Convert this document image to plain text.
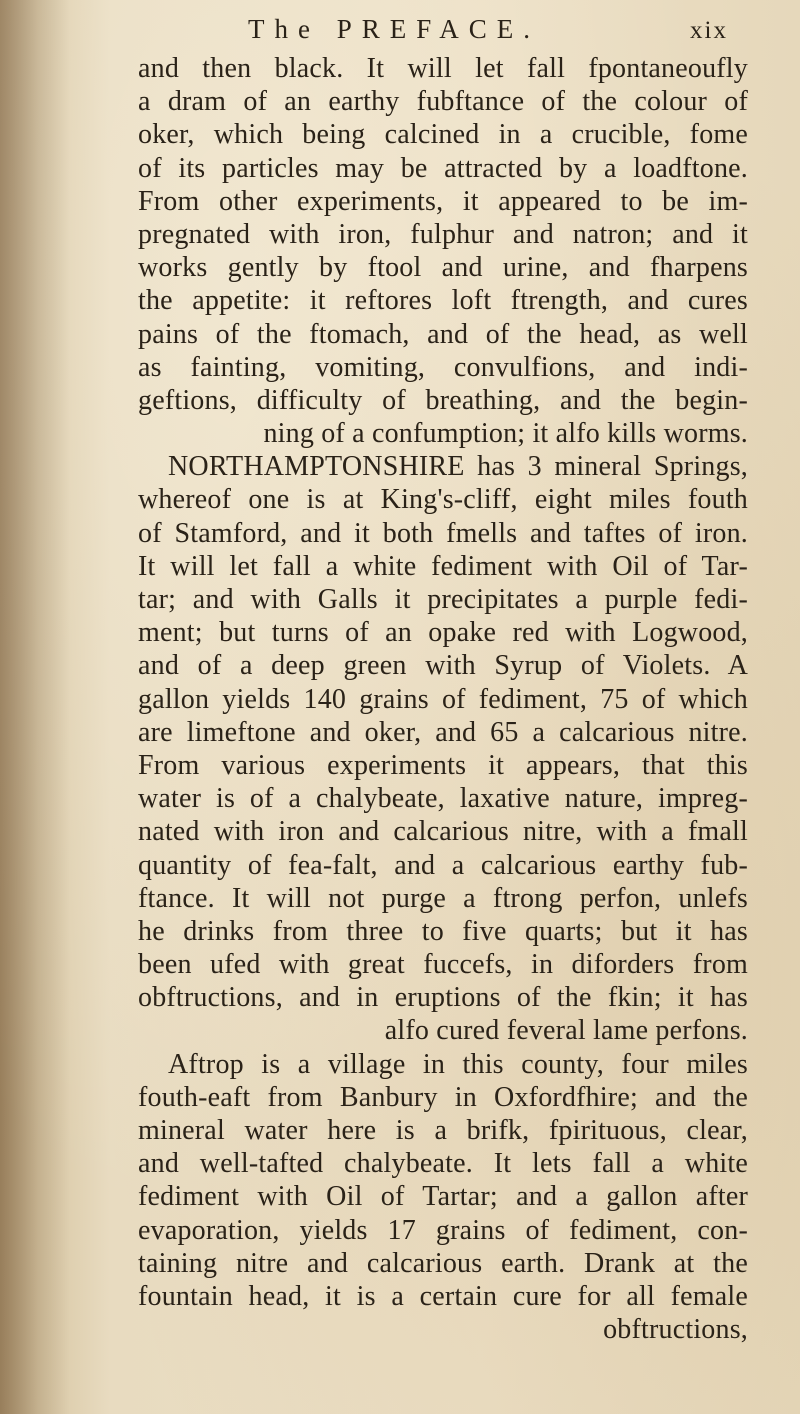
The PREFACE.	xix
and then black. It will let fall fpontaneoufly
a dram of an earthy fubftance of the colour of
oker, which being calcined in a crucible, fome
of its particles may be attracted by a loadftone.
From other experiments, it appeared to be im-
pregnated with iron, fulphur and natron; and it
works gently by ftool and urine, and fharpens
the appetite: it reftores loft ftrength, and cures
pains of the ftomach, and of the head, as well
as fainting, vomiting, convulfions, and indi-
geftions, difficulty of breathing, and the begin-
ning of a confumption; it alfo kills worms.
NORTHAMPTONSHIRE has 3 mineral Springs,
whereof one is at King's-cliff, eight miles fouth
of Stamford, and it both fmells and taftes of iron.
It will let fall a white fediment with Oil of Tar-
tar; and with Galls it precipitates a purple fedi-
ment; but turns of an opake red with Logwood,
and of a deep green with Syrup of Violets. A
gallon yields 140 grains of fediment, 75 of which
are limeftone and oker, and 65 a calcarious nitre.
From various experiments it appears, that this
water is of a chalybeate, laxative nature, impreg-
nated with iron and calcarious nitre, with a fmall
quantity of fea-falt, and a calcarious earthy fub-
ftance. It will not purge a ftrong perfon, unlefs
he drinks from three to five quarts; but it has
been ufed with great fuccefs, in diforders from
obftructions, and in eruptions of the fkin; it has
alfo cured feveral lame perfons.
Aftrop is a village in this county, four miles
fouth-eaft from Banbury in Oxfordfhire; and the
mineral water here is a brifk, fpirituous, clear,
and well-tafted chalybeate. It lets fall a white
fediment with Oil of Tartar; and a gallon after
evaporation, yields 17 grains of fediment, con-
taining nitre and calcarious earth. Drank at the
fountain head, it is a certain cure for all female
obftructions,
